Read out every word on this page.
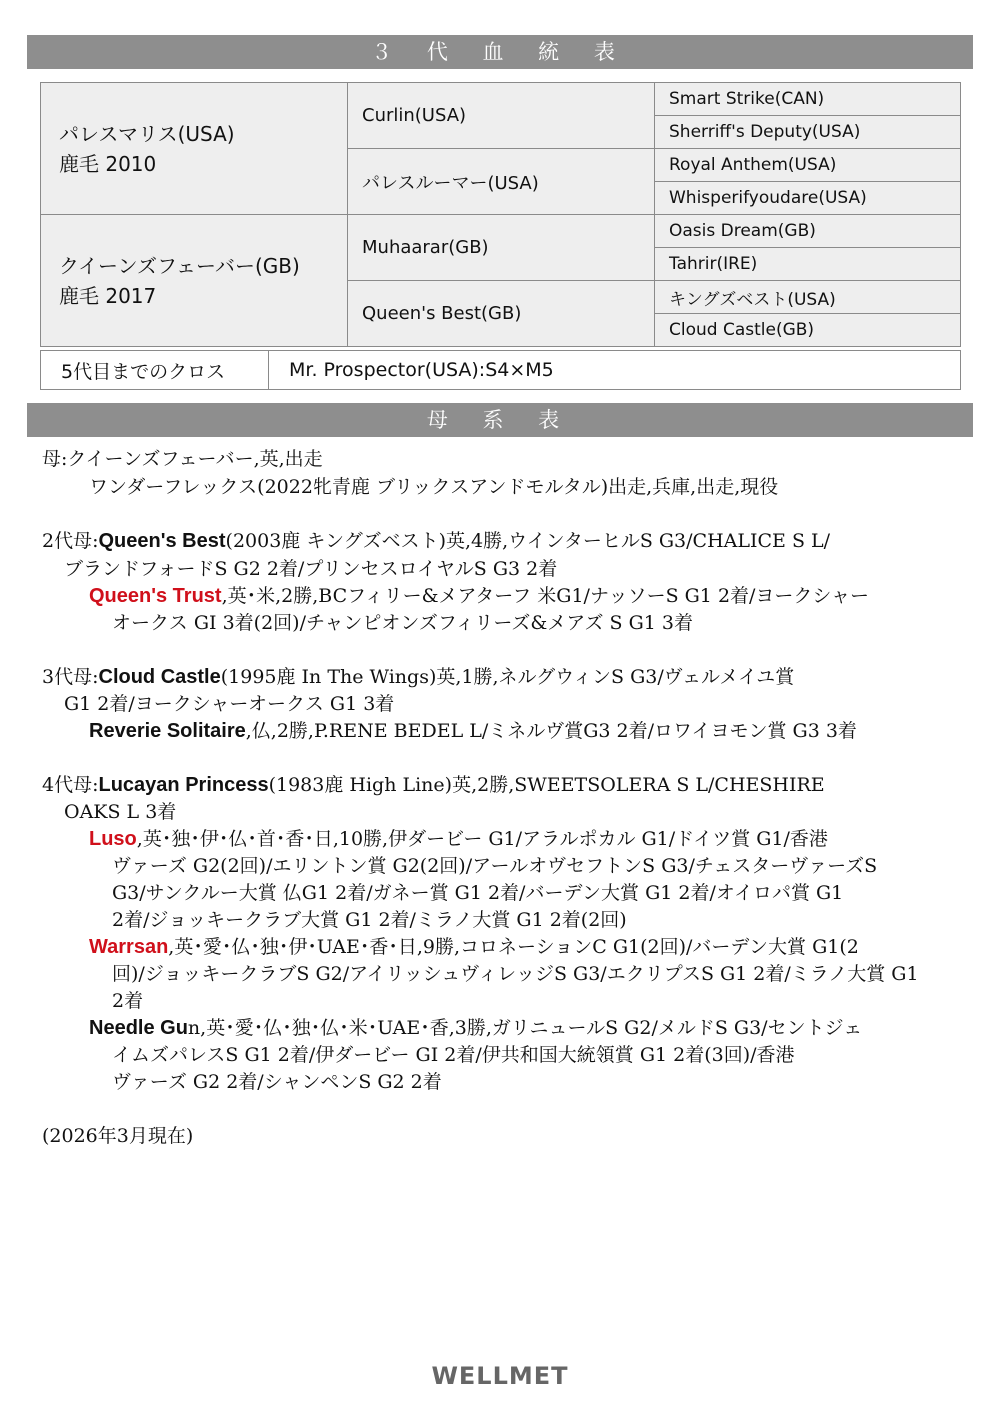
３ 代 血 統 表
パレスマリス(USA)
鹿毛 2010	Curlin(USA)	Smart Strike(CAN)
		Sherriff's Deputy(USA)
	パレスルーマー(USA)	Royal Anthem(USA)
		Whisperifyoudare(USA)

クイーンズフェーバー(GB)
鹿毛 2017	Muhaarar(GB)	Oasis Dream(GB)
		Tahrir(IRE)
	Queen's Best(GB)	キングズベスト(USA)
		Cloud Castle(GB)
5代目までのクロス	Mr. Prospector(USA):S4×M5
母 系 表
母:クイーンズフェーバー,英,出走
ワンダーフレックス(2022牝青鹿 ブリックスアンドモルタル)出走,兵庫,出走,現役
2代母:Queen's Best(2003鹿 キングズベスト)英,4勝,ウインターヒルS G3/CHALICE S L/
ブランドフォードS G2 2着/プリンセスロイヤルS G3 2着
Queen's Trust,英･米,2勝,BCフィリー&メアターフ 米G1/ナッソーS G1 2着/ヨークシャー
オークス GI 3着(2回)/チャンピオンズフィリーズ&メアズ S G1 3着
3代母:Cloud Castle(1995鹿 In The Wings)英,1勝,ネルグウィンS G3/ヴェルメイユ賞
G1 2着/ヨークシャーオークス G1 3着
Reverie Solitaire,仏,2勝,P.RENE BEDEL L/ミネルヴ賞G3 2着/ロワイヨモン賞 G3 3着
4代母:Lucayan Princess(1983鹿 High Line)英,2勝,SWEETSOLERA S L/CHESHIRE
OAKS L 3着
Luso,英･独･伊･仏･首･香･日,10勝,伊ダービー G1/アラルポカル G1/ドイツ賞 G1/香港
ヴァーズ G2(2回)/エリントン賞 G2(2回)/アールオヴセフトンS G3/チェスターヴァーズS
G3/サンクルー大賞 仏G1 2着/ガネー賞 G1 2着/バーデン大賞 G1 2着/オイロパ賞 G1
2着/ジョッキークラブ大賞 G1 2着/ミラノ大賞 G1 2着(2回)
Warrsan,英･愛･仏･独･伊･UAE･香･日,9勝,コロネーションC G1(2回)/バーデン大賞 G1(2
回)/ジョッキークラブS G2/アイリッシュヴィレッジS G3/エクリプスS G1 2着/ミラノ大賞 G1
2着
Needle Gun,英･愛･仏･独･仏･米･UAE･香,3勝,ガリニュールS G2/メルドS G3/セントジェ
イムズパレスS G1 2着/伊ダービー GI 2着/伊共和国大統領賞 G1 2着(3回)/香港
ヴァーズ G2 2着/シャンペンS G2 2着
(2026年3月現在)
WELLMET
